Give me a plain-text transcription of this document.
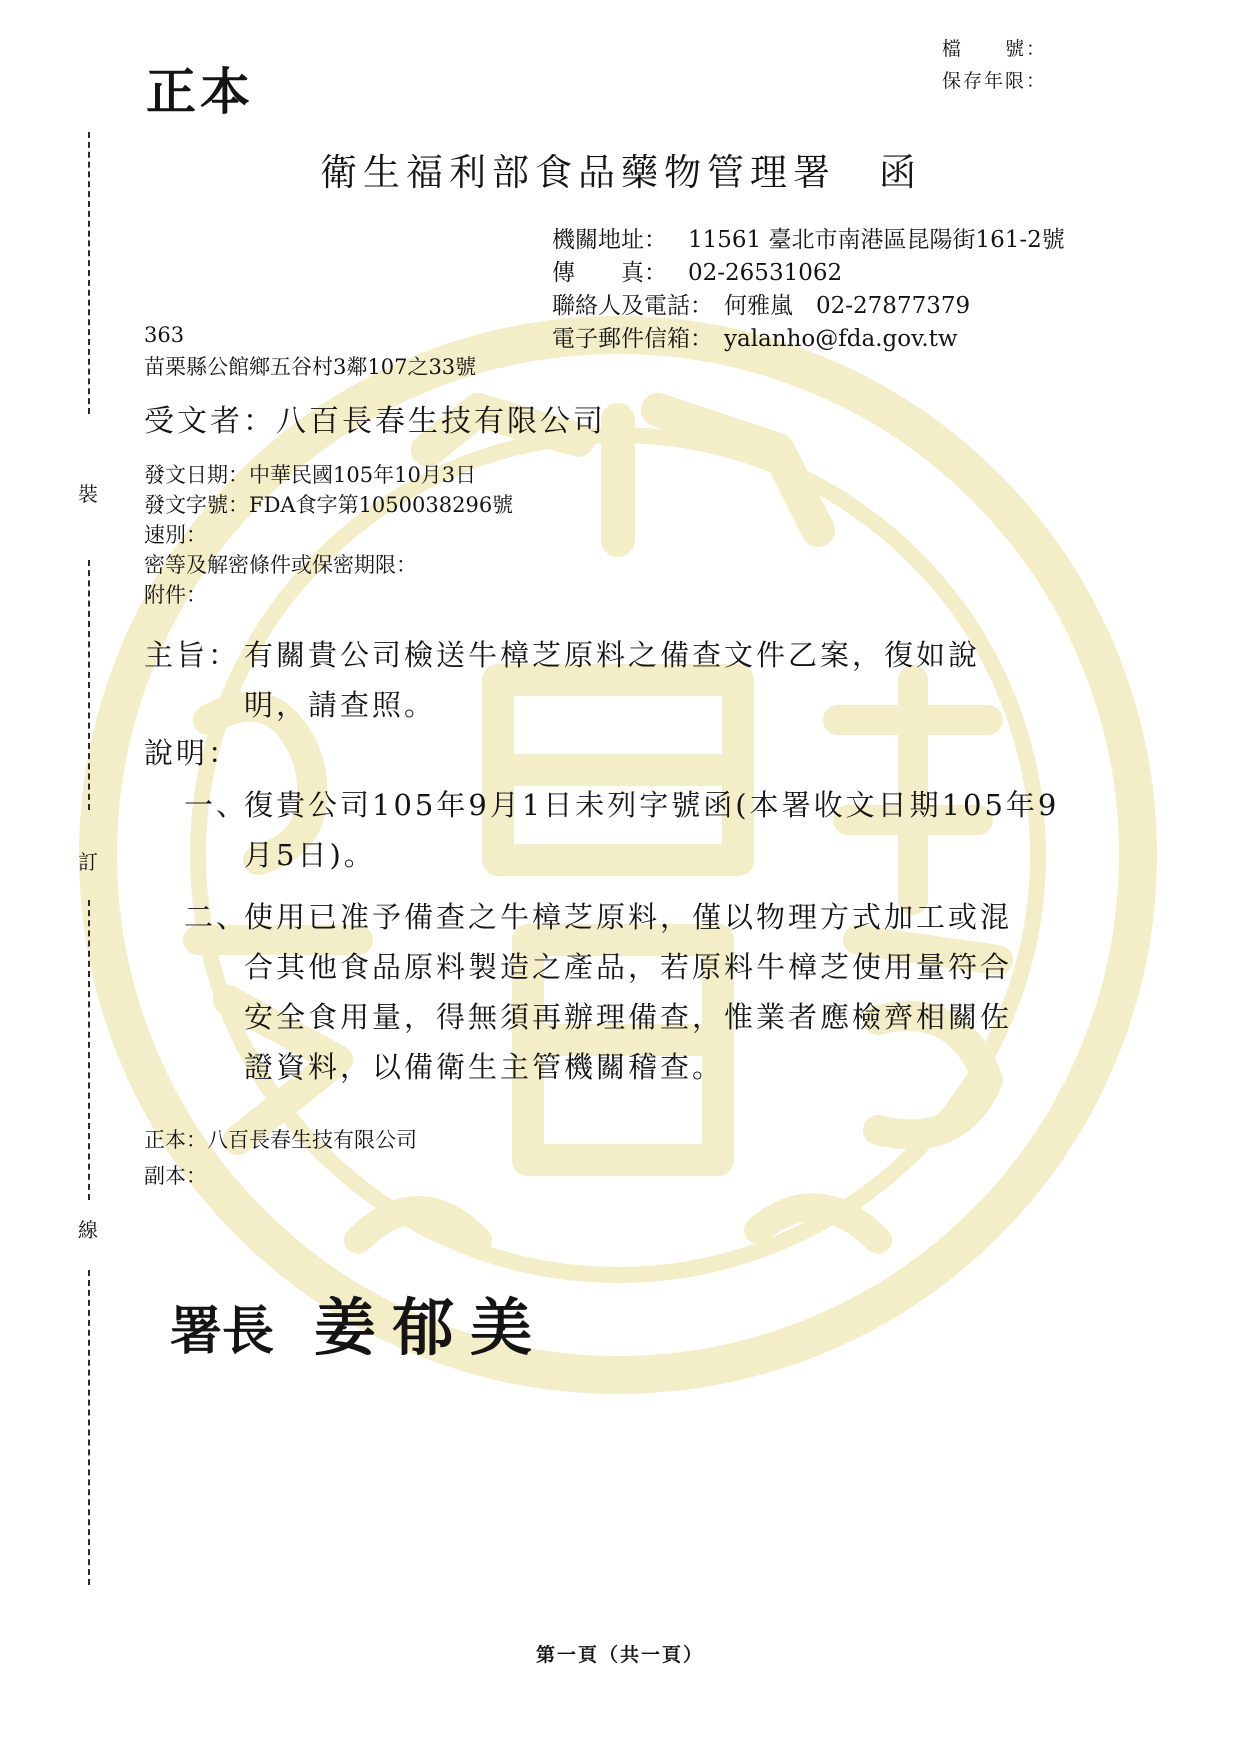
裝
訂
線
正本
檔　　號：
保存年限：
衛生福利部食品藥物管理署　函
機關地址： 11561 臺北市南港區昆陽街161-2號
傳　　真： 02-26531062
聯絡人及電話： 何雅嵐　02-27877379
電子郵件信箱： yalanho@fda.gov.tw
363
苗栗縣公館鄉五谷村3鄰107之33號
受文者：八百長春生技有限公司
發文日期：中華民國105年10月3日
發文字號：FDA食字第1050038296號
速別：
密等及解密條件或保密期限：
附件：
主旨： 有關貴公司檢送牛樟芝原料之備查文件乙案，復如說
明，請查照。
說明：
一、
復貴公司105年9月1日未列字號函(本署收文日期105年9
月5日)。
二、
使用已准予備查之牛樟芝原料，僅以物理方式加工或混
合其他食品原料製造之產品，若原料牛樟芝使用量符合
安全食用量，得無須再辦理備查，惟業者應檢齊相關佐
證資料，以備衛生主管機關稽查。
正本：八百長春生技有限公司
副本：
署長 姜郁美
第一頁（共一頁）
